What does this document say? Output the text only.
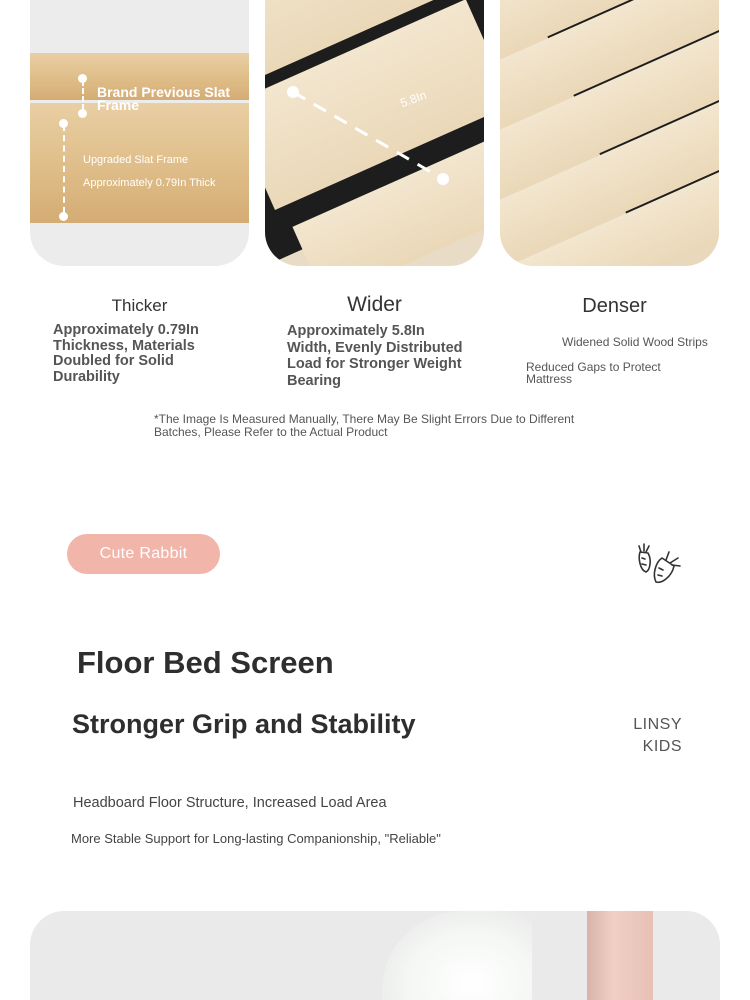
Brand Previous Slat Frame
Upgraded Slat Frame
Approximately 0.79In Thick
5.8In
Thicker	Wider	Denser
Approximately 0.79In Thickness, Materials Doubled for Solid Durability
Approximately 5.8In Width, Evenly Distributed Load for Stronger Weight Bearing
Widened Solid Wood Strips
Reduced Gaps to Protect Mattress
*The Image Is Measured Manually, There May Be Slight Errors Due to Different Batches, Please Refer to the Actual Product
Cute Rabbit
Floor Bed Screen
Stronger Grip and Stability	LINSY
KIDS
Headboard Floor Structure, Increased Load Area
More Stable Support for Long-lasting Companionship, "Reliable"
